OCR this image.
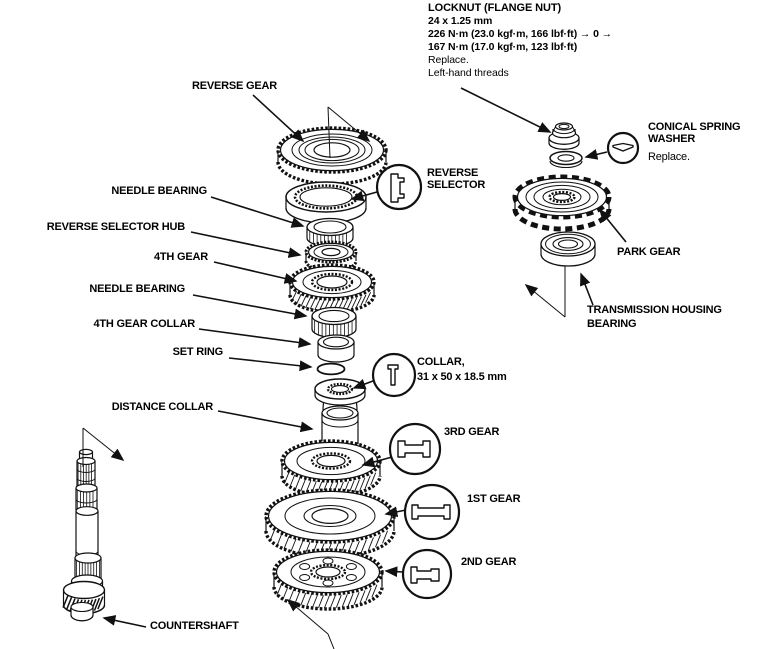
LOCKNUT (FLANGE NUT)
24 x 1.25 mm
226 N·m (23.0 kgf·m, 166 lbf·ft) → 0 →
167 N·m (17.0 kgf·m, 123 lbf·ft)
Replace.
Left-hand threads
REVERSE GEAR
NEEDLE BEARING
REVERSE SELECTOR HUB
4TH GEAR
NEEDLE BEARING
4TH GEAR COLLAR
SET RING
DISTANCE COLLAR
COUNTERSHAFT
REVERSE
SELECTOR
COLLAR,
31 x 50 x 18.5 mm
3RD GEAR
1ST GEAR
2ND GEAR
CONICAL SPRING
WASHER
Replace.
PARK GEAR
TRANSMISSION HOUSING
BEARING
